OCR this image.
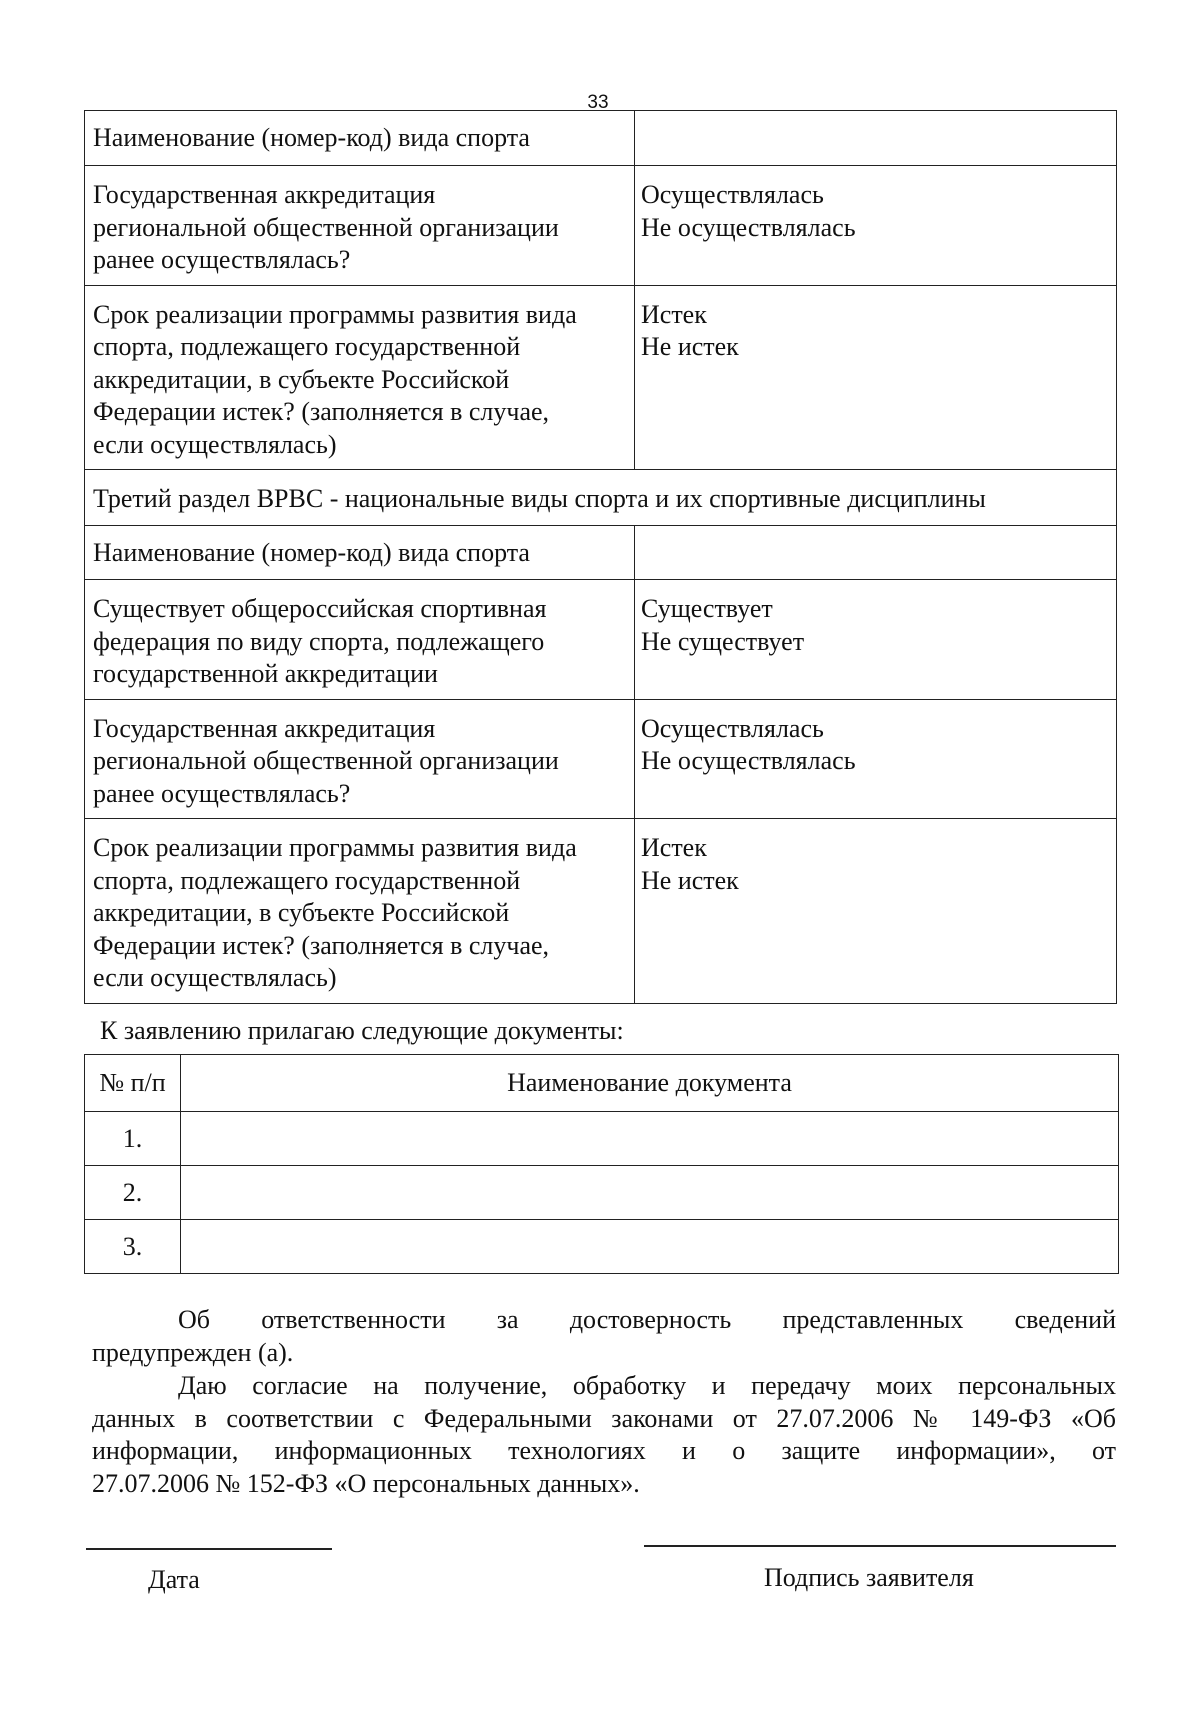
33
Наименование (номер-код) вида спорта	

Государственная аккредитация
региональной общественной организации
ранее осуществлялась?	Осуществлялась
Не осуществлялась

Срок реализации программы развития вида
спорта, подлежащего государственной
аккредитации, в субъекте Российской
Федерации истек? (заполняется в случае,
если осуществлялась)	Истек
Не истек

Третий раздел ВРВС - национальные виды спорта и их спортивные дисциплины	

Наименование (номер-код) вида спорта	

Существует общероссийская спортивная
федерация по виду спорта, подлежащего
государственной аккредитации	Существует
Не существует

Государственная аккредитация
региональной общественной организации
ранее осуществлялась?	Осуществлялась
Не осуществлялась

Срок реализации программы развития вида
спорта, подлежащего государственной
аккредитации, в субъекте Российской
Федерации истек? (заполняется в случае,
если осуществлялась)	Истек
Не истек
К заявлению прилагаю следующие документы:
№ п/п	Наименование документа
1.	
2.	
3.	
Об ответственности за достоверность представленных сведений
предупрежден (а).
Даю согласие на получение, обработку и передачу моих персональных
данных в соответствии с Федеральными законами от 27.07.2006 № 149-ФЗ «Об
информации, информационных технологиях и о защите информации», от
27.07.2006 № 152-ФЗ «О персональных данных».
Дата	Подпись заявителя
